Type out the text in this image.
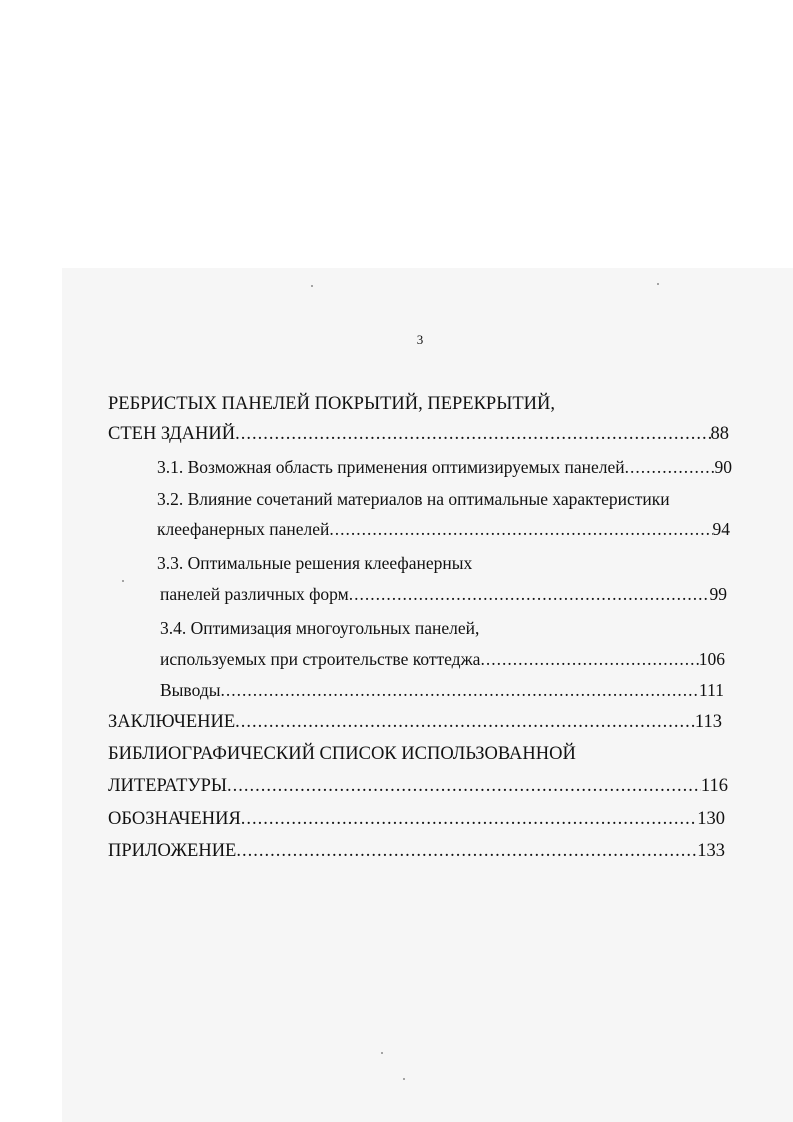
3
РЕБРИСТЫХ ПАНЕЛЕЙ ПОКРЫТИЙ, ПЕРЕКРЫТИЙ,
СТЕН ЗДАНИЙ .....	88
3.1. Возможная область применения оптимизируемых панелей .....	90
3.2. Влияние сочетаний материалов на оптимальные характеристики
клеефанерных панелей .....	94
3.3. Оптимальные решения клеефанерных
панелей различных форм .....	99
3.4. Оптимизация многоугольных панелей,
используемых при строительстве коттеджа .....	106
Выводы .....	111
ЗАКЛЮЧЕНИЕ .....	113
БИБЛИОГРАФИЧЕСКИЙ СПИСОК ИСПОЛЬЗОВАННОЙ
ЛИТЕРАТУРЫ .....	116
ОБОЗНАЧЕНИЯ .....	130
ПРИЛОЖЕНИЕ .....	133
